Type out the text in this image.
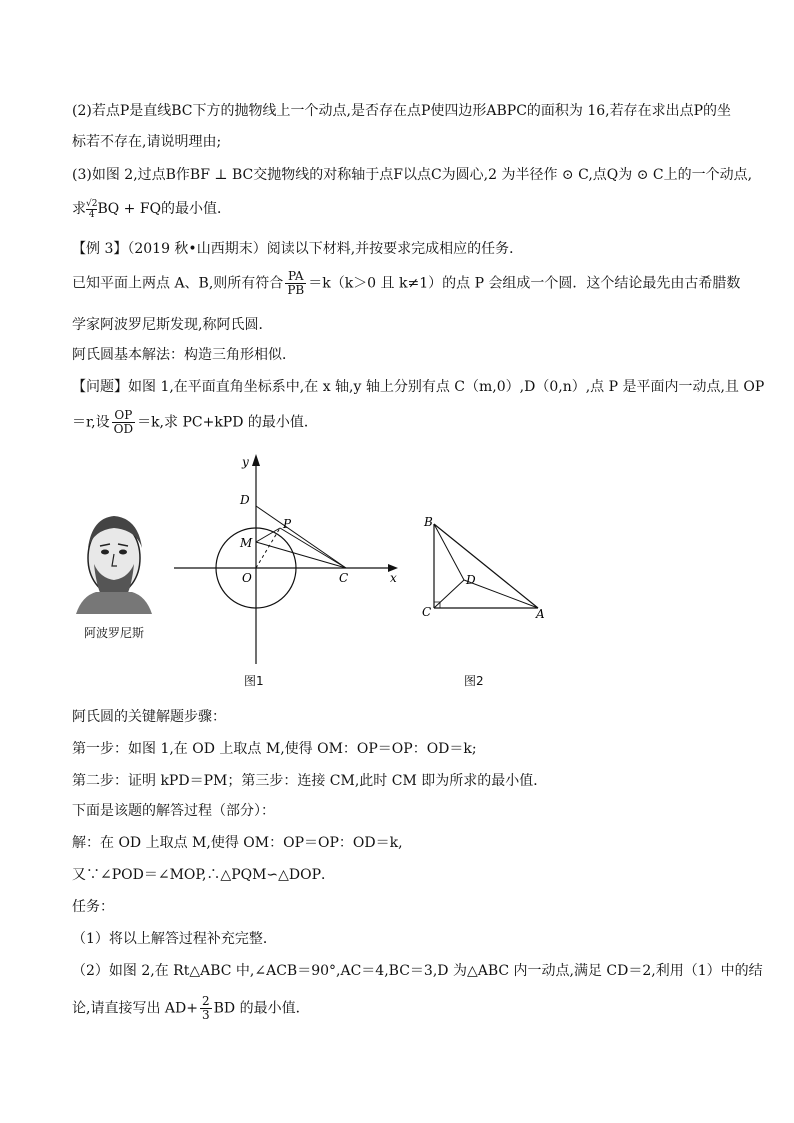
(2)若点P是直线BC下方的抛物线上一个动点,是否存在点P使四边形ABPC的面积为 16,若存在求出点P的坐
标若不存在,请说明理由;
(3)如图 2,过点B作BF ⊥ BC交抛物线的对称轴于点F以点C为圆心,2 为半径作 ⊙ C,点Q为 ⊙ C上的一个动点,
求 $\frac{√2}{4}BQ$ + FQ的最小值．
【例 3】（2019 秋•山西期末）阅读以下材料,并按要求完成相应的任务．
已知平面上两点 A、B,则所有符合 $\frac{PA}{PB} =k(k>0$ 且 k≠1）的点 P 会组成一个圆．这个结论最先由古希腊数
学家阿波罗尼斯发现,称阿氏圆．
阿氏圆基本解法：构造三角形相似．
【问题】如图 1,在平面直角坐标系中,在 x 轴,y 轴上分别有点 C（m,0）,D（0,n）,点 P 是平面内一动点,且 OP
＝r,设 $\frac{OP}{OD} =k$,求 PC+kPD 的最小值．
阿波罗尼斯
y
x
D
P
M
O	C
图1
B
D
C	A
图2
阿氏圆的关键解题步骤：
第一步：如图 1,在 OD 上取点 M,使得 OM：OP＝OP：OD＝k;
第二步：证明 kPD＝PM；第三步：连接 CM,此时 CM 即为所求的最小值．
下面是该题的解答过程（部分）：
解：在 OD 上取点 M,使得 OM：OP＝OP：OD＝k,
又∵∠POD＝∠MOP,∴△PQM∽△DOP．
任务：
（1）将以上解答过程补充完整．
（2）如图 2,在 Rt△ABC 中,∠ACB＝90°,AC＝4,BC＝3,D 为△ABC 内一动点,满足 CD＝2,利用（1）中的结
论,请直接写出 $AD+ \frac{2}{3}$ BD 的最小值．
